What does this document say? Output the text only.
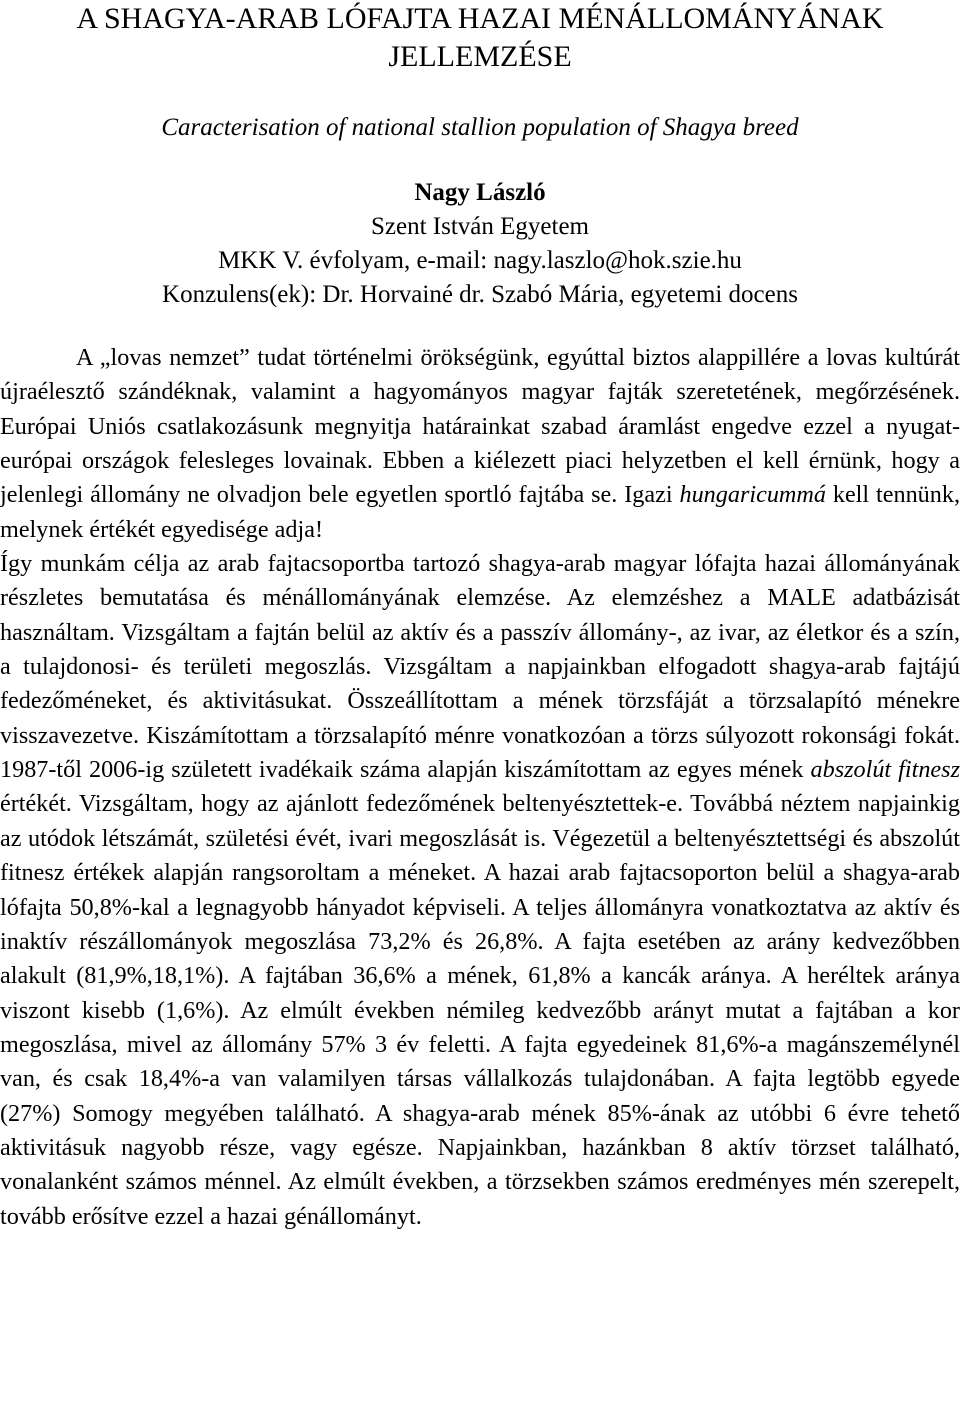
A SHAGYA-ARAB LÓFAJTA HAZAI MÉNÁLLOMÁNYÁNAK
JELLEMZÉSE

Caracterisation of national stallion population of Shagya breed

Nagy László
Szent István Egyetem
MKK V. évfolyam, e-mail: nagy.laszlo@hok.szie.hu
Konzulens(ek): Dr. Horvainé dr. Szabó Mária, egyetemi docens

A „lovas nemzet” tudat történelmi örökségünk, egyúttal biztos alappillére a lovas kultúrát újraélesztő szándéknak, valamint a hagyományos magyar fajták szeretetének, megőrzésének. Európai Uniós csatlakozásunk megnyitja határainkat szabad áramlást engedve ezzel a nyugat-európai országok felesleges lovainak. Ebben a kiélezett piaci helyzetben el kell érnünk, hogy a jelenlegi állomány ne olvadjon bele egyetlen sportló fajtába se. Igazi hungaricummá kell tennünk, melynek értékét egyedisége adja!

Így munkám célja az arab fajtacsoportba tartozó shagya-arab magyar lófajta hazai állományának részletes bemutatása és ménállományának elemzése. Az elemzéshez a MALE adatbázisát használtam. Vizsgáltam a fajtán belül az aktív és a passzív állomány-, az ivar, az életkor és a szín, a tulajdonosi- és területi megoszlás. Vizsgáltam a napjainkban elfogadott shagya-arab fajtájú fedezőméneket, és aktivitásukat. Összeállítottam a mének törzsfáját a törzsalapító ménekre visszavezetve. Kiszámítottam a törzsalapító ménre vonatkozóan a törzs súlyozott rokonsági fokát. 1987-től 2006-ig született ivadékaik száma alapján kiszámítottam az egyes mének abszolút fitnesz értékét. Vizsgáltam, hogy az ajánlott fedezőmének beltenyésztettek-e. Továbbá néztem napjainkig az utódok létszámát, születési évét, ivari megoszlását is. Végezetül a beltenyésztettségi és abszolút fitnesz értékek alapján rangsoroltam a méneket. A hazai arab fajtacsoporton belül a shagya-arab lófajta 50,8%-kal a legnagyobb hányadot képviseli. A teljes állományra vonatkoztatva az aktív és inaktív részállományok megoszlása 73,2% és 26,8%. A fajta esetében az arány kedvezőbben alakult (81,9%,18,1%). A fajtában 36,6% a mének, 61,8% a kancák aránya. A heréltek aránya viszont kisebb (1,6%). Az elmúlt években némileg kedvezőbb arányt mutat a fajtában a kor megoszlása, mivel az állomány 57% 3 év feletti. A fajta egyedeinek 81,6%-a magánszemélynél van, és csak 18,4%-a van valamilyen társas vállalkozás tulajdonában. A fajta legtöbb egyede (27%) Somogy megyében található. A shagya-arab mének 85%-ának az utóbbi 6 évre tehető aktivitásuk nagyobb része, vagy egésze. Napjainkban, hazánkban 8 aktív törzset található, vonalanként számos ménnel. Az elmúlt években, a törzsekben számos eredményes mén szerepelt, tovább erősítve ezzel a hazai génállományt.
